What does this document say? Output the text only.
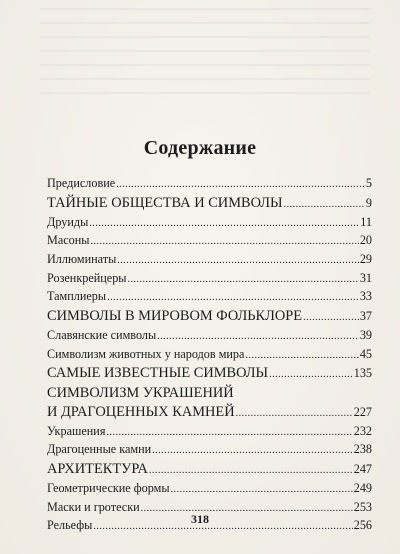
Содержание
Предисловие .....	5
ТАЙНЫЕ ОБЩЕСТВА И СИМВОЛЫ .....	9
Друиды .....	11
Масоны .....	20
Иллюминаты .....	29
Розенкрейцеры .....	31
Тамплиеры .....	33
СИМВОЛЫ В МИРОВОМ ФОЛЬКЛОРЕ .....	37
Славянские символы .....	39
Символизм животных у народов мира .....	45
САМЫЕ ИЗВЕСТНЫЕ СИМВОЛЫ .....	135
СИМВОЛИЗМ УКРАШЕНИЙ
И ДРАГОЦЕННЫХ КАМНЕЙ .....	227
Украшения .....	232
Драгоценные камни .....	238
АРХИТЕКТУРА .....	247
Геометрические формы .....	249
Маски и гротески .....	253
Рельефы .....	256
318
